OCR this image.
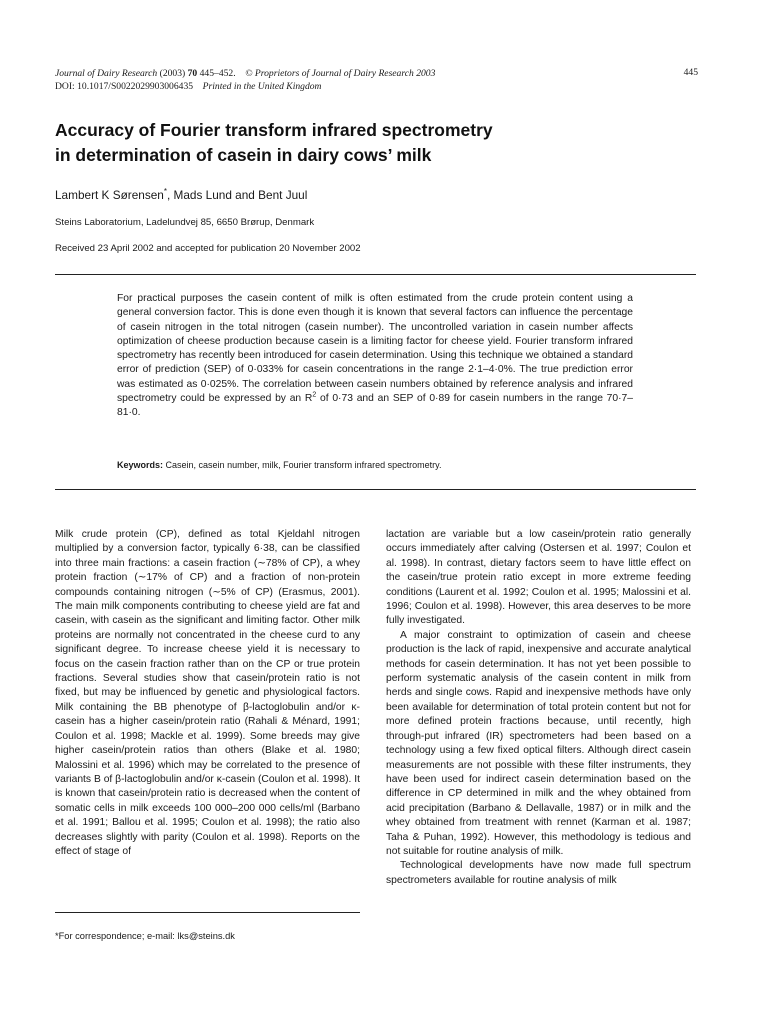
Journal of Dairy Research (2003) 70 445–452. © Proprietors of Journal of Dairy Research 2003
DOI: 10.1017/S0022029903006435 Printed in the United Kingdom
445
Accuracy of Fourier transform infrared spectrometry
in determination of casein in dairy cows’ milk
Lambert K Sørensen*, Mads Lund and Bent Juul
Steins Laboratorium, Ladelundvej 85, 6650 Brørup, Denmark
Received 23 April 2002 and accepted for publication 20 November 2002

For practical purposes the casein content of milk is often estimated from the crude protein content using a general conversion factor. This is done even though it is known that several factors can influence the percentage of casein nitrogen in the total nitrogen (casein number). The uncontrolled variation in casein number affects optimization of cheese production because casein is a limiting factor for cheese yield. Fourier transform infrared spectrometry has recently been introduced for casein determination. Using this technique we obtained a standard error of prediction (SEP) of 0·033% for casein concentrations in the range 2·1–4·0%. The true prediction error was estimated as 0·025%. The correlation between casein numbers obtained by reference analysis and infrared spectrometry could be expressed by an $R^2$ of 0·73 and an SEP of 0·89 for casein numbers in the range 70·7–81·0.

Keywords: Casein, casein number, milk, Fourier transform infrared spectrometry.

Milk crude protein (CP), defined as total Kjeldahl nitrogen multiplied by a conversion factor, typically 6·38, can be classified into three main fractions: a casein fraction (∼78% of CP), a whey protein fraction (∼17% of CP) and a fraction of non-protein compounds containing nitrogen (∼5% of CP) (Erasmus, 2001). The main milk components contributing to cheese yield are fat and casein, with casein as the significant and limiting factor. Other milk proteins are normally not concentrated in the cheese curd to any significant degree. To increase cheese yield it is necessary to focus on the casein fraction rather than on the CP or true protein fractions. Several studies show that casein/protein ratio is not fixed, but may be influenced by genetic and physiological factors. Milk containing the BB phenotype of β-lactoglobulin and/or κ-casein has a higher casein/protein ratio (Rahali & Ménard, 1991; Coulon et al. 1998; Mackle et al. 1999). Some breeds may give higher casein/protein ratios than others (Blake et al. 1980; Malossini et al. 1996) which may be correlated to the presence of variants B of β-lactoglobulin and/or κ-casein (Coulon et al. 1998). It is known that casein/protein ratio is decreased when the content of somatic cells in milk exceeds 100 000–200 000 cells/ml (Barbano et al. 1991; Ballou et al. 1995; Coulon et al. 1998); the ratio also decreases slightly with parity (Coulon et al. 1998). Reports on the effect of stage of

lactation are variable but a low casein/protein ratio generally occurs immediately after calving (Ostersen et al. 1997; Coulon et al. 1998). In contrast, dietary factors seem to have little effect on the casein/true protein ratio except in more extreme feeding conditions (Laurent et al. 1992; Coulon et al. 1995; Malossini et al. 1996; Coulon et al. 1998). However, this area deserves to be more fully investigated.

A major constraint to optimization of casein and cheese production is the lack of rapid, inexpensive and accurate analytical methods for casein determination. It has not yet been possible to perform systematic analysis of the casein content in milk from herds and single cows. Rapid and inexpensive methods have only been available for determination of total protein content but not for more defined protein fractions because, until recently, high through-put infrared (IR) spectrometers had been based on a technology using a few fixed optical filters. Although direct casein measurements are not possible with these filter instruments, they have been used for indirect casein determination based on the difference in CP determined in milk and the whey obtained from acid precipitation (Barbano & Dellavalle, 1987) or in milk and the whey obtained from treatment with rennet (Karman et al. 1987; Taha & Puhan, 1992). However, this methodology is tedious and not suitable for routine analysis of milk.

Technological developments have now made full spectrum spectrometers available for routine analysis of milk

*For correspondence; e-mail: lks@steins.dk
